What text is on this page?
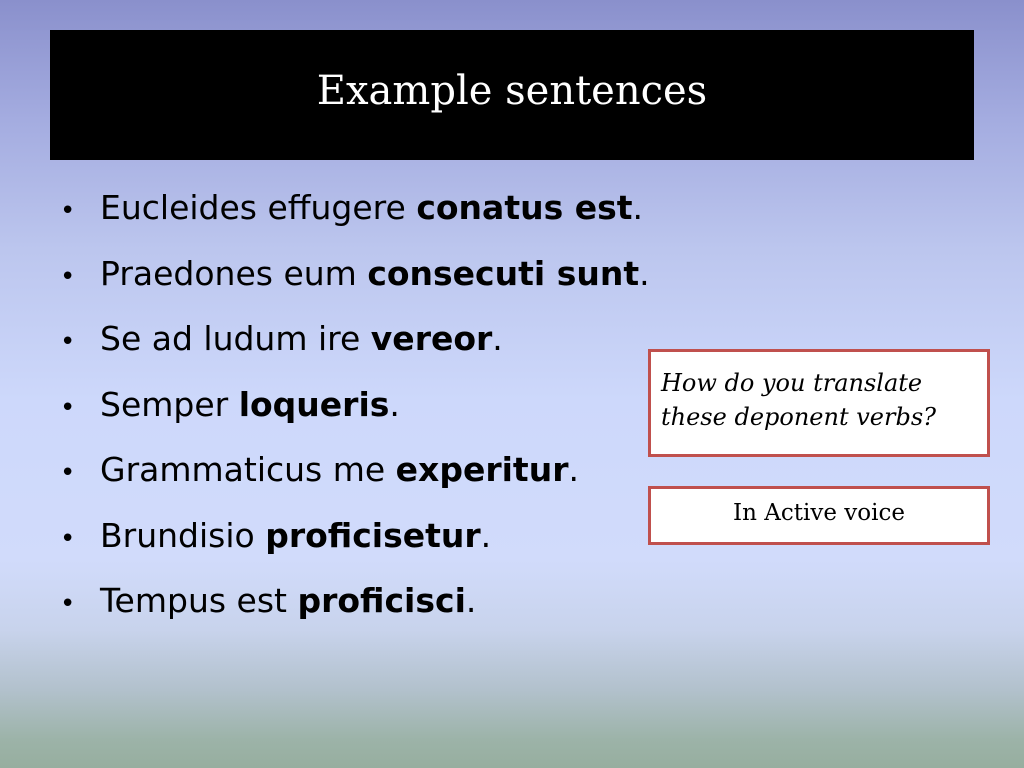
Example sentences
• Eucleides effugere conatus est.
• Praedones eum consecuti sunt.
• Se ad ludum ire vereor.
• Semper loqueris.
• Grammaticus me experitur.
• Brundisio proficisetur.
• Tempus est proficisci.
How do you translate these deponent verbs?
In Active voice
